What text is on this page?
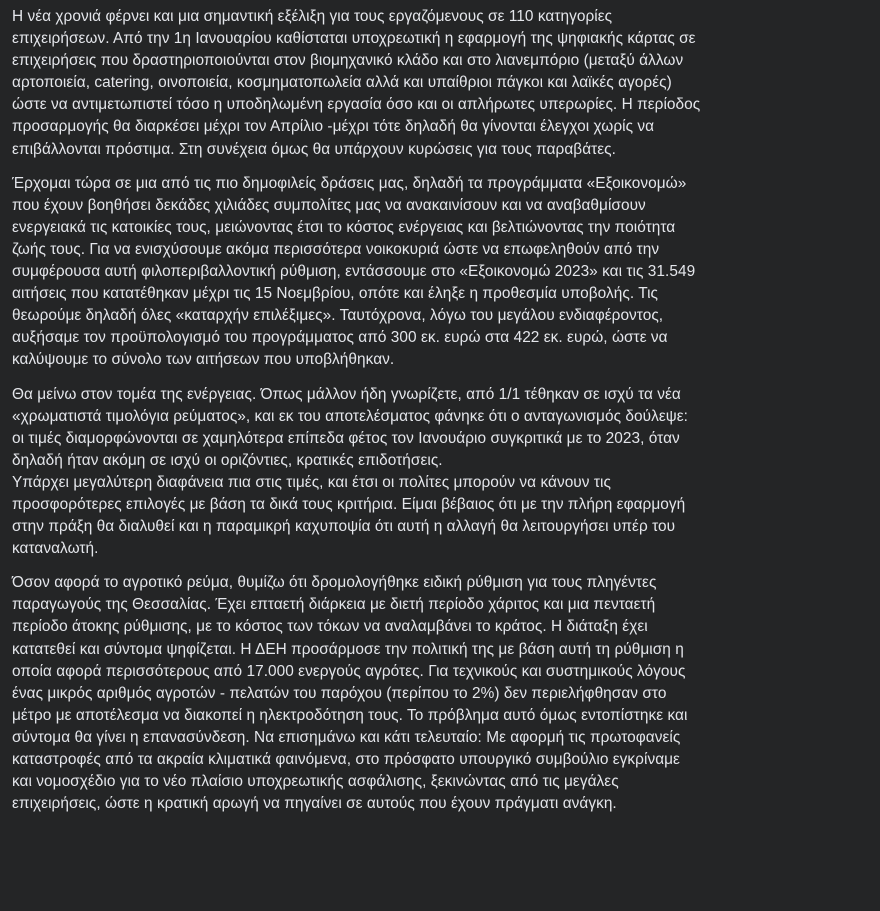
Η νέα χρονιά φέρνει και μια σημαντική εξέλιξη για τους εργαζόμενους σε 110 κατηγορίες
επιχειρήσεων. Από την 1η Ιανουαρίου καθίσταται υποχρεωτική η εφαρμογή της ψηφιακής κάρτας σε
επιχειρήσεις που δραστηριοποιούνται στον βιομηχανικό κλάδο και στο λιανεμπόριο (μεταξύ άλλων
αρτοποιεία, catering, οινοποιεία, κοσμηματοπωλεία αλλά και υπαίθριοι πάγκοι και λαϊκές αγορές)
ώστε να αντιμετωπιστεί τόσο η υποδηλωμένη εργασία όσο και οι απλήρωτες υπερωρίες. Η περίοδος
προσαρμογής θα διαρκέσει μέχρι τον Απρίλιο -μέχρι τότε δηλαδή θα γίνονται έλεγχοι χωρίς να
επιβάλλονται πρόστιμα. Στη συνέχεια όμως θα υπάρχουν κυρώσεις για τους παραβάτες.
Έρχομαι τώρα σε μια από τις πιο δημοφιλείς δράσεις μας, δηλαδή τα προγράμματα «Εξοικονομώ»
που έχουν βοηθήσει δεκάδες χιλιάδες συμπολίτες μας να ανακαινίσουν και να αναβαθμίσουν
ενεργειακά τις κατοικίες τους, μειώνοντας έτσι το κόστος ενέργειας και βελτιώνοντας την ποιότητα
ζωής τους. Για να ενισχύσουμε ακόμα περισσότερα νοικοκυριά ώστε να επωφεληθούν από την
συμφέρουσα αυτή φιλοπεριβαλλοντική ρύθμιση, εντάσσουμε στο «Εξοικονομώ 2023» και τις 31.549
αιτήσεις που κατατέθηκαν μέχρι τις 15 Νοεμβρίου, οπότε και έληξε η προθεσμία υποβολής. Τις
θεωρούμε δηλαδή όλες «καταρχήν επιλέξιμες». Ταυτόχρονα, λόγω του μεγάλου ενδιαφέροντος,
αυξήσαμε τον προϋπολογισμό του προγράμματος από 300 εκ. ευρώ στα 422 εκ. ευρώ, ώστε να
καλύψουμε το σύνολο των αιτήσεων που υποβλήθηκαν.
Θα μείνω στον τομέα της ενέργειας. Όπως μάλλον ήδη γνωρίζετε, από 1/1 τέθηκαν σε ισχύ τα νέα
«χρωματιστά τιμολόγια ρεύματος», και εκ του αποτελέσματος φάνηκε ότι ο ανταγωνισμός δούλεψε:
οι τιμές διαμορφώνονται σε χαμηλότερα επίπεδα φέτος τον Ιανουάριο συγκριτικά με το 2023, όταν
δηλαδή ήταν ακόμη σε ισχύ οι οριζόντιες, κρατικές επιδοτήσεις.
Υπάρχει μεγαλύτερη διαφάνεια πια στις τιμές, και έτσι οι πολίτες μπορούν να κάνουν τις
προσφορότερες επιλογές με βάση τα δικά τους κριτήρια. Είμαι βέβαιος ότι με την πλήρη εφαρμογή
στην πράξη θα διαλυθεί και η παραμικρή καχυποψία ότι αυτή η αλλαγή θα λειτουργήσει υπέρ του
καταναλωτή.
Όσον αφορά το αγροτικό ρεύμα, θυμίζω ότι δρομολογήθηκε ειδική ρύθμιση για τους πληγέντες
παραγωγούς της Θεσσαλίας. Έχει επταετή διάρκεια με διετή περίοδο χάριτος και μια πενταετή
περίοδο άτοκης ρύθμισης, με το κόστος των τόκων να αναλαμβάνει το κράτος. Η διάταξη έχει
κατατεθεί και σύντομα ψηφίζεται. Η ΔΕΗ προσάρμοσε την πολιτική της με βάση αυτή τη ρύθμιση η
οποία αφορά περισσότερους από 17.000 ενεργούς αγρότες. Για τεχνικούς και συστημικούς λόγους
ένας μικρός αριθμός αγροτών - πελατών του παρόχου (περίπου το 2%) δεν περιελήφθησαν στο
μέτρο με αποτέλεσμα να διακοπεί η ηλεκτροδότηση τους. Το πρόβλημα αυτό όμως εντοπίστηκε και
σύντομα θα γίνει η επανασύνδεση. Να επισημάνω και κάτι τελευταίο: Με αφορμή τις πρωτοφανείς
καταστροφές από τα ακραία κλιματικά φαινόμενα, στο πρόσφατο υπουργικό συμβούλιο εγκρίναμε
και νομοσχέδιο για το νέο πλαίσιο υποχρεωτικής ασφάλισης, ξεκινώντας από τις μεγάλες
επιχειρήσεις, ώστε η κρατική αρωγή να πηγαίνει σε αυτούς που έχουν πράγματι ανάγκη.
